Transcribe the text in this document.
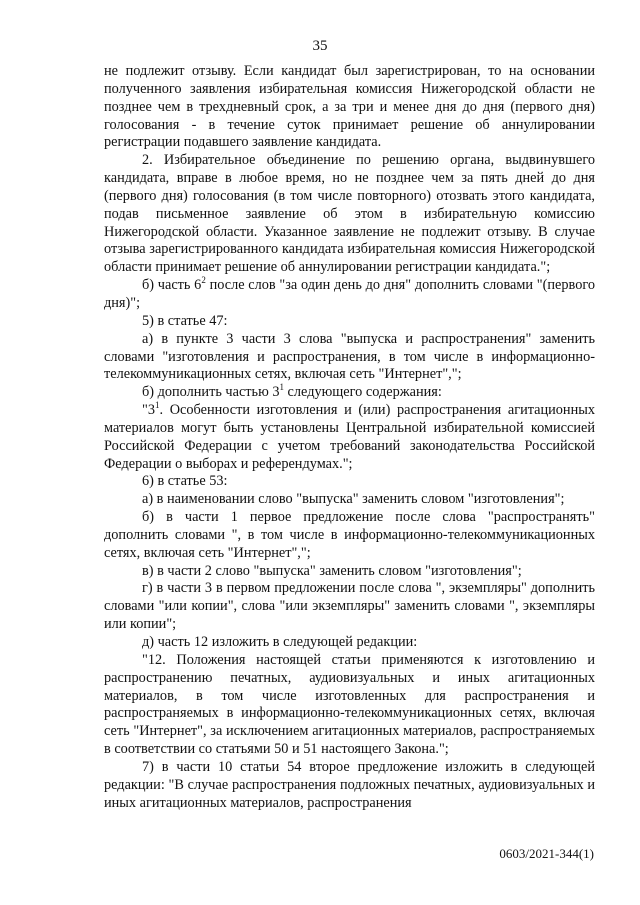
35

не подлежит отзыву. Если кандидат был зарегистрирован, то на основании полученного заявления избирательная комиссия Нижегородской области не позднее чем в трехдневный срок, а за три и менее дня до дня (первого дня) голосования - в течение суток принимает решение об аннулировании регистрации подавшего заявление кандидата.

2. Избирательное объединение по решению органа, выдвинувшего кандидата, вправе в любое время, но не позднее чем за пять дней до дня (первого дня) голосования (в том числе повторного) отозвать этого кандидата, подав письменное заявление об этом в избирательную комиссию Нижегородской области. Указанное заявление не подлежит отзыву. В случае отзыва зарегистрированного кандидата избирательная комиссия Нижегородской области принимает решение об аннулировании регистрации кандидата.";

б) часть $6^2$ после слов "за один день до дня" дополнить словами "(первого дня)";

5) в статье 47:

а) в пункте 3 части 3 слова "выпуска и распространения" заменить словами "изготовления и распространения, в том числе в информационно-телекоммуникационных сетях, включая сеть "Интернет",";

б) дополнить частью $3^1$ следующего содержания:

"$3^1$. Особенности изготовления и (или) распространения агитационных материалов могут быть установлены Центральной избирательной комиссией Российской Федерации с учетом требований законодательства Российской Федерации о выборах и референдумах.";

6) в статье 53:

а) в наименовании слово "выпуска" заменить словом "изготовления";

б) в части 1 первое предложение после слова "распространять" дополнить словами ", в том числе в информационно-телекоммуникационных сетях, включая сеть "Интернет",";

в) в части 2 слово "выпуска" заменить словом "изготовления";

г) в части 3 в первом предложении после слова ", экземпляры" дополнить словами "или копии", слова "или экземпляры" заменить словами ", экземпляры или копии";

д) часть 12 изложить в следующей редакции:

"12. Положения настоящей статьи применяются к изготовлению и распространению печатных, аудиовизуальных и иных агитационных материалов, в том числе изготовленных для распространения и распространяемых в информационно-телекоммуникационных сетях, включая сеть "Интернет", за исключением агитационных материалов, распространяемых в соответствии со статьями 50 и 51 настоящего Закона.";

7) в части 10 статьи 54 второе предложение изложить в следующей редакции: "В случае распространения подложных печатных, аудиовизуальных и иных агитационных материалов, распространения

0603/2021-344(1)
